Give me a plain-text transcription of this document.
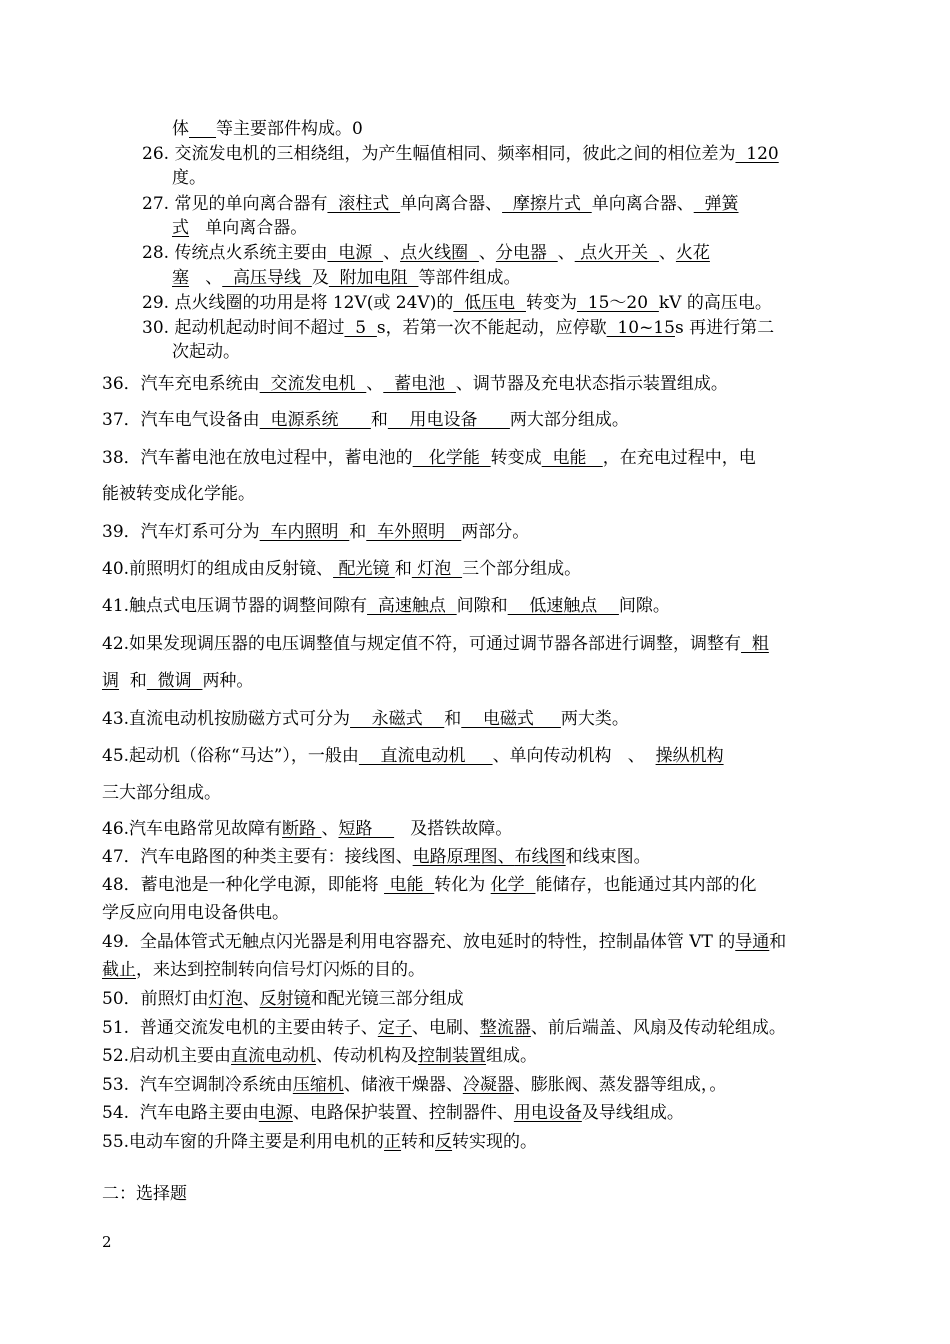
体 等主要部件构成。0
26. 交流发电机的三相绕组，为产生幅值相同、频率相同，彼此之间的相位差为  120
度。
27. 常见的单向离合器有  滚柱式  单向离合器、  摩擦片式  单向离合器、  弹簧
式   单向离合器。
28. 传统点火系统主要由  电源  、点火线圈  、分电器  、 点火开关  、火花
塞   、  高压导线  及  附加电阻  等部件组成。
29. 点火线圈的功用是将 12V(或 24V)的  低压电  转变为  15～20  kV 的高压电。
30. 起动机起动时间不超过  5  s，若第一次不能起动，应停歇  10~15s 再进行第二
次起动。
36．汽车充电系统由  交流发电机  、  蓄电池  、调节器及充电状态指示装置组成。
37．汽车电气设备由  电源系统      和    用电设备      两大部分组成。
38．汽车蓄电池在放电过程中，蓄电池的   化学能  转变成  电能   ，在充电过程中，电
能被转变成化学能。
39．汽车灯系可分为  车内照明  和  车外照明   两部分。
40.前照明灯的组成由反射镜、 配光镜 和 灯泡  三个部分组成。
41.触点式电压调节器的调整间隙有  高速触点  间隙和    低速触点    间隙。
42.如果发现调压器的电压调整值与规定值不符，可通过调节器各部进行调整，调整有  粗
调  和  微调  两种。
43.直流电动机按励磁方式可分为    永磁式    和    电磁式     两大类。
45.起动机（俗称“马达”），一般由    直流电动机     、单向传动机构   、  操纵机构
三大部分组成。
46.汽车电路常见故障有断路 、短路       及搭铁故障。
47．汽车电路图的种类主要有：接线图、电路原理图、布线图和线束图。
48．蓄电池是一种化学电源，即能将  电能  转化为 化学  能储存，也能通过其内部的化
学反应向用电设备供电。
49.  全晶体管式无触点闪光器是利用电容器充、放电延时的特性，控制晶体管 VT 的导通和
截止，来达到控制转向信号灯闪烁的目的。
50．前照灯由灯泡、反射镜和配光镜三部分组成
51.  普通交流发电机的主要由转子、定子、电刷、整流器、前后端盖、风扇及传动轮组成。
52.启动机主要由直流电动机、传动机构及控制装置组成。
53.  汽车空调制冷系统由压缩机、储液干燥器、冷凝器、膨胀阀、蒸发器等组成，。
54.  汽车电路主要由电源、电路保护装置、控制器件、用电设备及导线组成。
55.电动车窗的升降主要是利用电机的正转和反转实现的。
二：选择题
2
